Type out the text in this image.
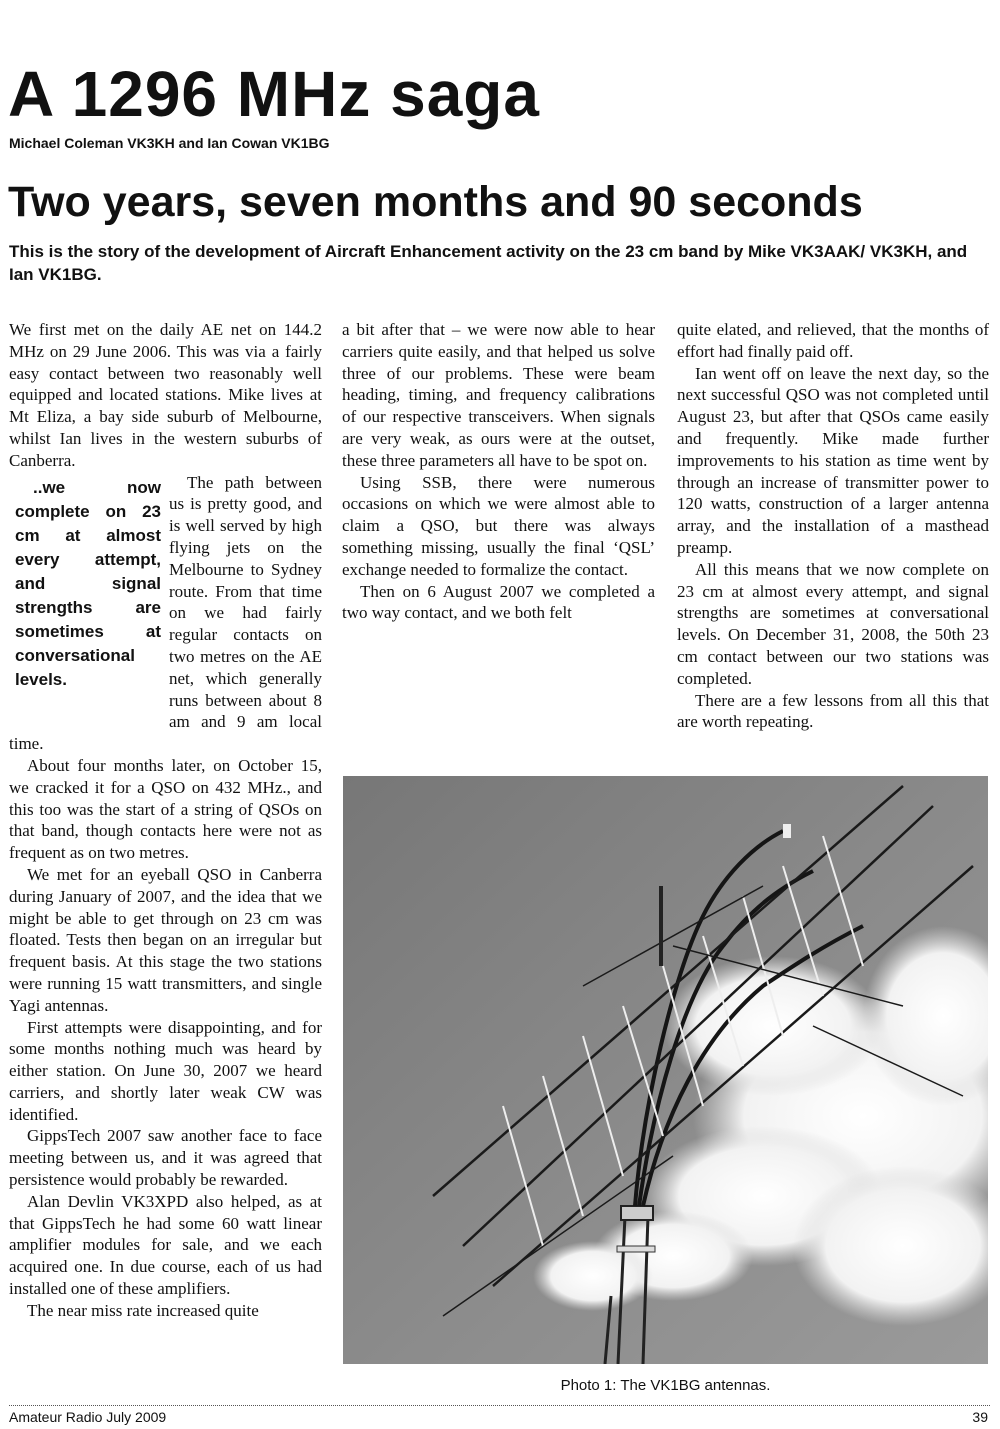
A 1296 MHz saga
Michael Coleman VK3KH and Ian Cowan VK1BG
Two years, seven months and 90 seconds
This is the story of the development of Aircraft Enhancement activity on the 23 cm band by Mike VK3AAK/ VK3KH, and Ian VK1BG.

We first met on the daily AE net on 144.2 MHz on 29 June 2006. This was via a fairly easy contact between two reasonably well equipped and located stations. Mike lives at Mt Eliza, a bay side suburb of Melbourne, whilst Ian lives in the western suburbs of Canberra.

..we now complete on 23 cm at almost every attempt, and signal strengths are sometimes at conversational levels.
The path between us is pretty good, and is well served by high flying jets on the Melbourne to Sydney route. From that time on we had fairly regular contacts on two metres on the AE net, which generally runs between about 8 am and 9 am local time.

About four months later, on October 15, we cracked it for a QSO on 432 MHz., and this too was the start of a string of QSOs on that band, though contacts here were not as frequent as on two metres.

We met for an eyeball QSO in Canberra during January of 2007, and the idea that we might be able to get through on 23 cm was floated. Tests then began on an irregular but frequent basis. At this stage the two stations were running 15 watt transmitters, and single Yagi antennas.

First attempts were disappointing, and for some months nothing much was heard by either station. On June 30, 2007 we heard carriers, and shortly later weak CW was identified.

GippsTech 2007 saw another face to face meeting between us, and it was agreed that persistence would probably be rewarded.

Alan Devlin VK3XPD also helped, as at that GippsTech he had some 60 watt linear amplifier modules for sale, and we each acquired one. In due course, each of us had installed one of these amplifiers.

The near miss rate increased quite

a bit after that – we were now able to hear carriers quite easily, and that helped us solve three of our problems. These were beam heading, timing, and frequency calibrations of our respective transceivers. When signals are very weak, as ours were at the outset, these three parameters all have to be spot on.

Using SSB, there were numerous occasions on which we were almost able to claim a QSO, but there was always something missing, usually the final ‘QSL’ exchange needed to formalize the contact.

Then on 6 August 2007 we completed a two way contact, and we both felt

quite elated, and relieved, that the months of effort had finally paid off.

Ian went off on leave the next day, so the next successful QSO was not completed until August 23, but after that QSOs came easily and frequently. Mike made further improvements to his station as time went by through an increase of transmitter power to 120 watts, construction of a larger antenna array, and the installation of a masthead preamp.

All this means that we now complete on 23 cm at almost every attempt, and signal strengths are sometimes at conversational levels. On December 31, 2008, the 50th 23 cm contact between our two stations was completed.

There are a few lessons from all this that are worth repeating.

Photo 1: The VK1BG antennas.
Amateur Radio July 2009	39
